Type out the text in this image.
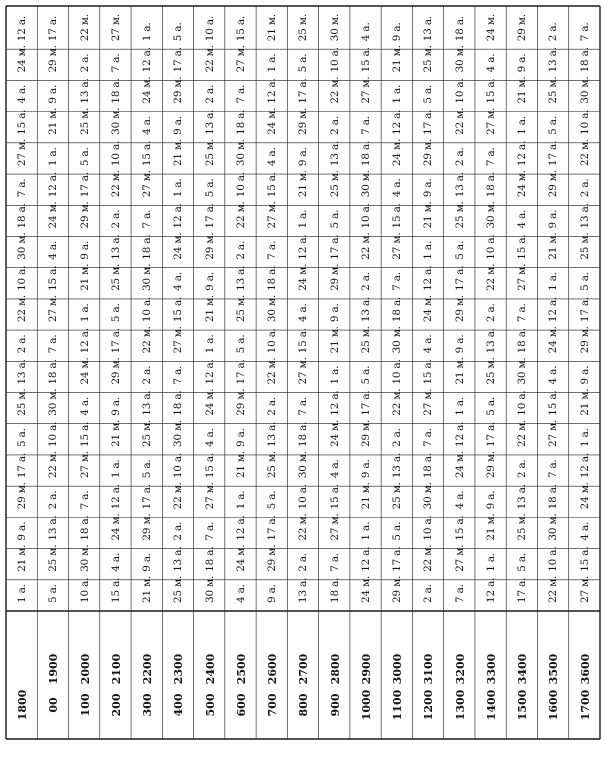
1800 00 100 200 300 400 500 600 700 800 900 1000 1100 1200 1300 1400 1500 1600 1700
1900 2000 2100 2200 2300 2400 2500 2600 2700 2800 2900 3000 3100 3200 3300 3400 3500 3600
1 а.
21 м.
9 а.
29 м.
17 а.
5 а.
25 м.
13 а.
2 а.
22 м.
10 а.
30 м.
18 а.
7 а.
27 м.
15 а.
4 а.
24 м.
12 а.
5 а.
25 м.
13 а.
2 а.
22 м.
10 а.
30 м.
18 а.
7 а.
27 м.
15 а.
4 а.
24 м.
12 а.
1 а.
21 м.
9 а.
29 м.
17 а.
10 а.
30 м.
18 а.
7 а.
27 м.
15 а.
4 а.
24 м.
12 а.
1 а.
21 м.
9 а.
29 м.
17 а.
5 а.
25 м.
13 а.
2 а.
22 м.
15 а.
4 а.
24 м.
12 а.
1 а.
21 м.
9 а.
29 м.
17 а.
5 а.
25 м.
13 а.
2 а.
22 м.
10 а.
30 м.
18 а.
7 а.
27 м.
21 м.
9 а.
29 м.
17 а.
5 а.
25 м.
13 а.
2 а.
22 м.
10 а.
30 м.
18 а.
7 а.
27 м.
15 а.
4 а.
24 м.
12 а.
1 а.
25 м.
13 а.
2 а.
22 м.
10 а.
30 м.
18 а.
7 а.
27 м.
15 а.
4 а.
24 м.
12 а.
1 а.
21 м.
9 а.
29 м.
17 а.
5 а.
30 м.
18 а.
7 а.
27 м.
15 а.
4 а.
24 м.
12 а.
1 а.
21 м.
9 а.
29 м.
17 а.
5 а.
25 м.
13 а.
2 а.
22 м.
10 а.
4 а.
24 м.
12 а.
1 а.
21 м.
9 а.
29 м.
17 а.
5 а.
25 м.
13 а.
2 а.
22 м.
10 а.
30 м.
18 а.
7 а.
27 м.
15 а.
9 а.
29 м.
17 а.
5 а.
25 м.
13 а.
2 а.
22 м.
10 а.
30 м.
18 а.
7 а.
27 м.
15 а.
4 а.
24 м.
12 а.
1 а.
21 м.
13 а.
2 а.
22 м.
10 а.
30 м.
18 а.
7 а.
27 м.
15 а.
4 а.
24 м.
12 а.
1 а.
21 м.
9 а.
29 м.
17 а.
5 а.
25 м.
18 а.
7 а.
27 м.
15 а.
4 а.
24 м.
12 а.
1 а.
21 м.
9 а.
29 м.
17 а.
5 а.
25 м.
13 а.
2 а.
22 м.
10 а.
30 м.
24 м.
12 а.
1 а.
21 м.
9 а.
29 м.
17 а.
5 а.
25 м.
13 а.
2 а.
22 м.
10 а.
30 м.
18 а.
7 а.
27 м.
15 а.
4 а.
29 м.
17 а.
5 а.
25 м.
13 а.
2 а.
22 м.
10 а.
30 м.
18 а.
7 а.
27 м.
15 а.
4 а.
24 м.
12 а.
1 а.
21 м.
9 а.
2 а.
22 м.
10 а.
30 м.
18 а.
7 а.
27 м.
15 а.
4 а.
24 м.
12 а.
1 а.
21 м.
9 а.
29 м.
17 а.
5 а.
25 м.
13 а.
7 а.
27 м.
15 а.
4 а.
24 м.
12 а.
1 а.
21 м.
9 а.
29 м.
17 а.
5 а.
25 м.
13 а.
2 а.
22 м.
10 а.
30 м.
18 а.
12 а.
1 а.
21 м.
9 а.
29 м.
17 а.
5 а.
25 м.
13 а.
2 а.
22 м.
10 а.
30 м.
18 а.
7 а.
27 м.
15 а.
4 а.
24 м.
17 а.
5 а.
25 м.
13 а.
2 а.
22 м.
10 а.
30 м.
18 а.
7 а.
27 м.
15 а.
4 а.
24 м.
12 а.
1 а.
21 м.
9 а.
29 м.
22 м.
10 а.
30 м.
18 а.
7 а.
27 м.
15 а.
4 а.
24 м.
12 а.
1 а.
21 м.
9 а.
29 м.
17 а.
5 а.
25 м.
13 а.
2 а.
27 м.
15 а.
4 а.
24 м.
12 а.
1 а.
21 м.
9 а.
29 м.
17 а.
5 а.
25 м.
13 а.
2 а.
22 м.
10 а.
30 м.
18 а.
7 а.
